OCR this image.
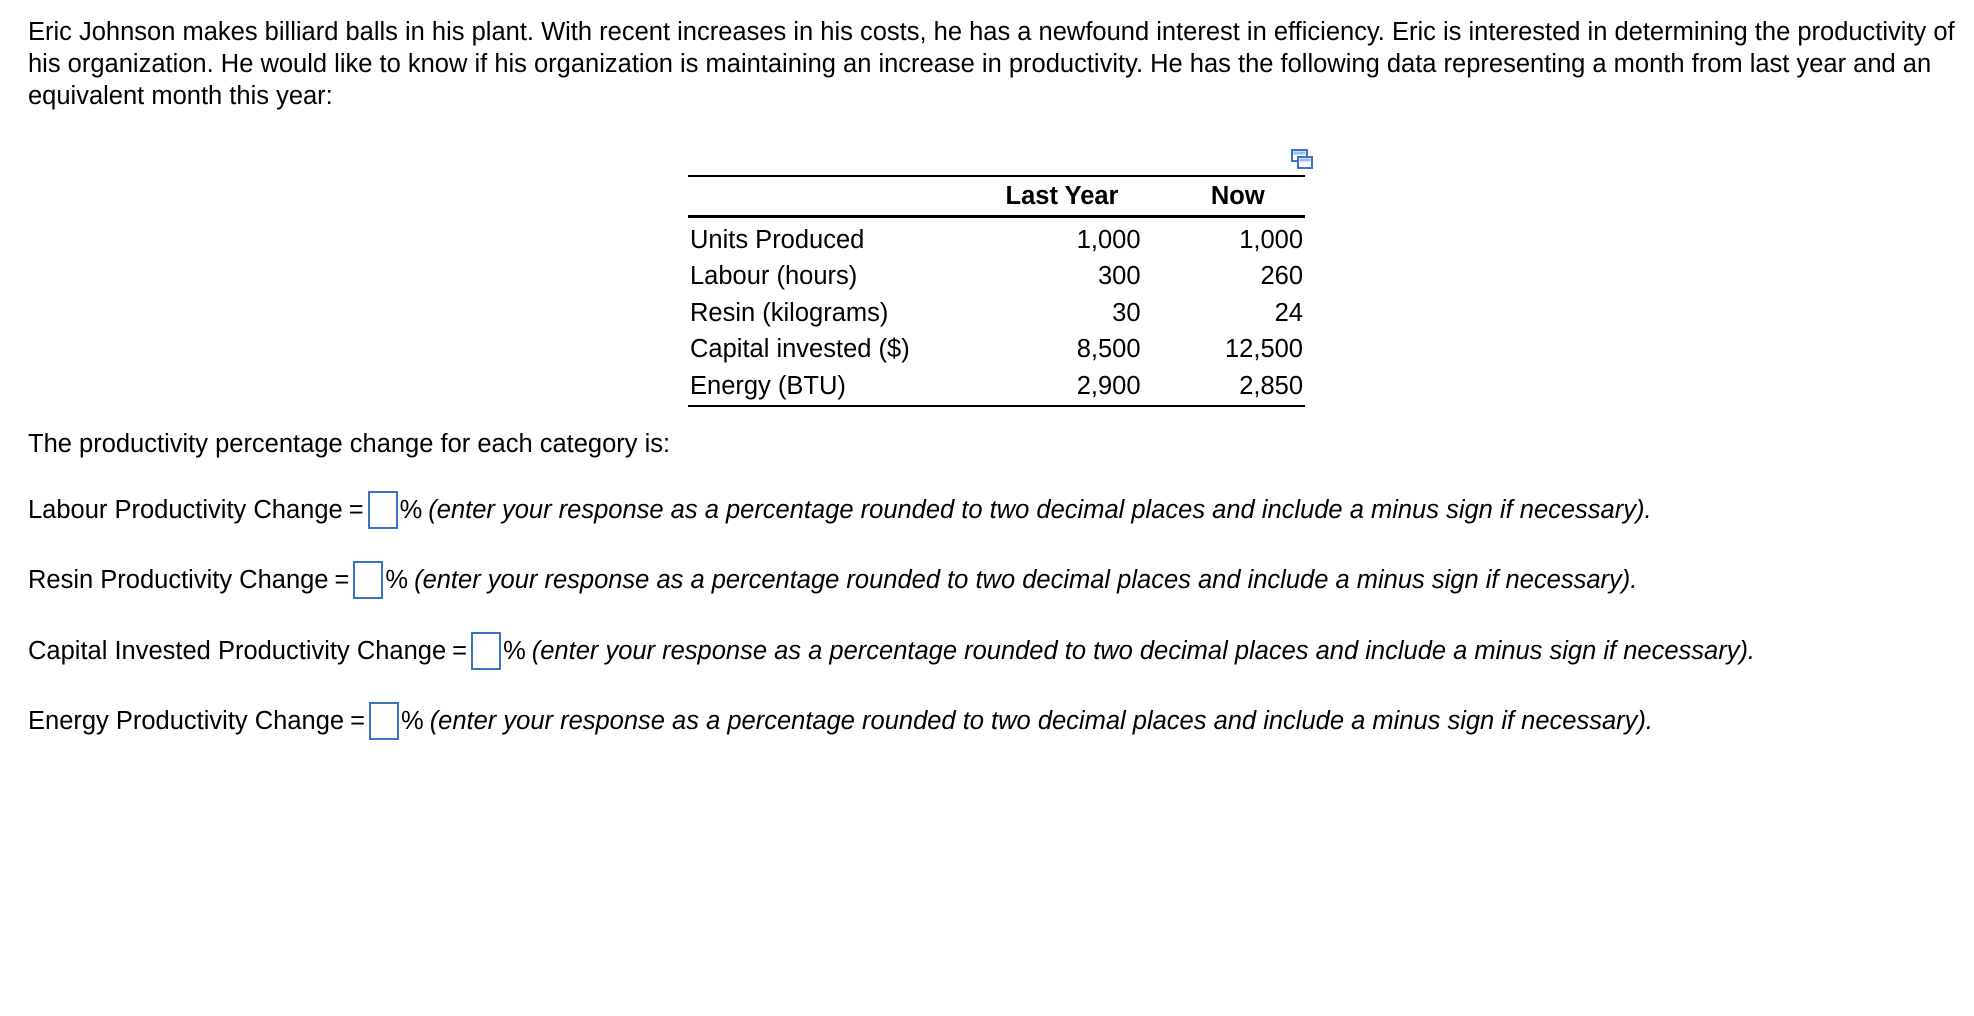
Eric Johnson makes billiard balls in his plant. With recent increases in his costs, he has a newfound interest in efficiency. Eric is interested in determining the productivity of his organization. He would like to know if his organization is maintaining an increase in productivity. He has the following data representing a month from last year and an equivalent month this year:

	Last Year	Now
Units Produced	1,000	1,000
Labour (hours)	300	260
Resin (kilograms)	30	24
Capital invested ($)	8,500	12,500
Energy (BTU)	2,900	2,850

The productivity percentage change for each category is:

Labour Productivity Change = % (enter your response as a percentage rounded to two decimal places and include a minus sign if necessary).
Resin Productivity Change = % (enter your response as a percentage rounded to two decimal places and include a minus sign if necessary).
Capital Invested Productivity Change = % (enter your response as a percentage rounded to two decimal places and include a minus sign if necessary).
Energy Productivity Change = % (enter your response as a percentage rounded to two decimal places and include a minus sign if necessary).
